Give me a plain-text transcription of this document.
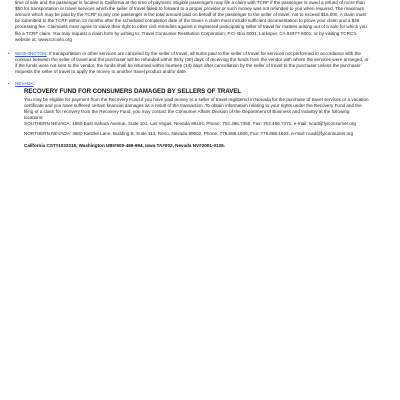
time of sale and the passenger is located in California at the time of payment. Eligible passengers may file a claim with TCRF if the passenger is owed a refund of more than $50 for transportation or travel services which the seller of travel failed to forward to a proper provider or such money was not refunded to you when required. The maximum amount which may be paid by the TCRF to any one passenger is the total amount paid on behalf of the passenger to the seller of travel, not to exceed $15,000. A claim must be submitted to the TCRF within 12 months after the scheduled completion date of the travel. A claim must include sufficient documentation to prove your claim and a $35 processing fee. Claimants must agree to waive their right to other civil remedies against a registered participating seller of travel for matters arising out of a sale for which you file a TCRF claim. You may request a claim form by writing to: Travel Consumer Restitution Corporation; P.O. Box 6001; Larkspur, CA 94977-6001; or by visiting TCRC's website at: www.tcrcinfo.org

• WASHINGTON: If transportation or other services are canceled by the seller of travel, all sums paid to the seller of travel for services not performed in accordance with the contract between the seller of travel and the purchaser will be refunded within thirty (30) days of receiving the funds from the vendor with whom the services were arranged, or if the funds were not sent to the vendor, the funds shall be returned within fourteen (14) days after cancellation by the seller of travel to the purchaser unless the purchaser requests the seller of travel to apply the money to another travel product and/or date.

• NEVADA:

RECOVERY FUND FOR CONSUMERS DAMAGED BY SELLERS OF TRAVEL

You may be eligible for payment from the Recovery Fund if you have paid money to a seller of travel registered in Nevada for the purchase of travel services or a vacation certificate and you have suffered certain financial damages as a result of the transaction. To obtain information relating to your rights under the Recovery Fund and the filing of a claim for recovery from the Recovery Fund, you may contact the Consumer Affairs Division of the Department of Business and Industry at the following locations:

SOUTHERN NEVADA: 1850 East Sahara Avenue, Suite 101, Las Vegas, Nevada 89104, Phone: 702.486.7355, Fax: 702.486.7371, e-mail: ncad@fyiconsumer.org

NORTHERN NEVADA: 4600 Kietzke Lane, Building B, Suite 113, Reno, Nevada 89502, Phone: 775.688.1800, Fax: 775.688.1803, e-mail: ncad@fyiconsumer.org

California CST#1022318, Washington UBI#600-469-694, Iowa TA#002, Nevada NV#2001-0126.
